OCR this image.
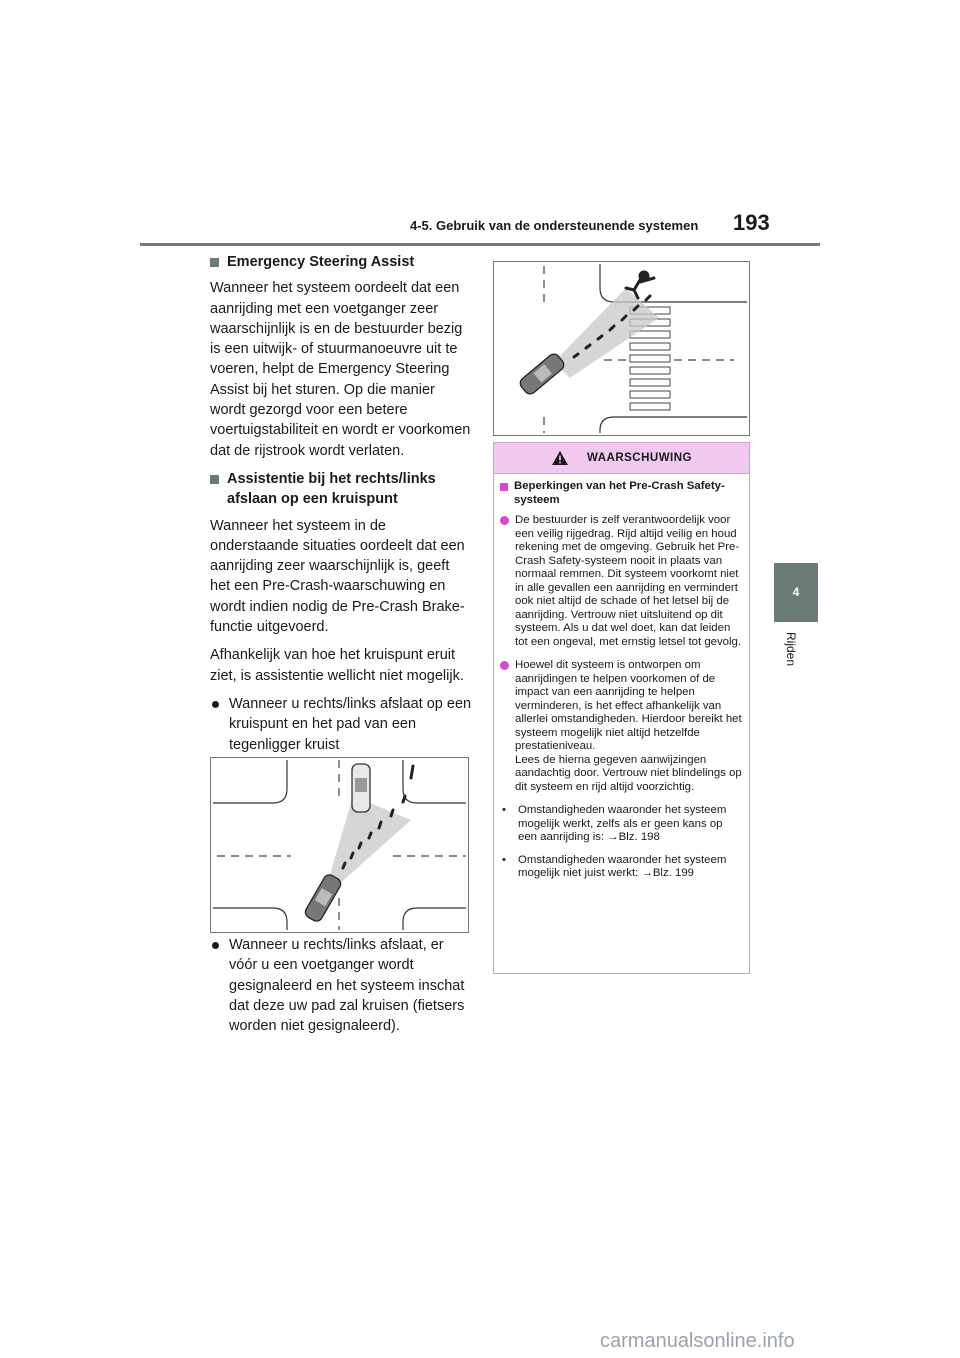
4-5. Gebruik van de ondersteunende systemen 193
4
Rijden
Emergency Steering Assist

Wanneer het systeem oordeelt dat een aanrijding met een voetganger zeer waarschijnlijk is en de bestuurder bezig is een uitwijk- of stuurmanoeuvre uit te voeren, helpt de Emergency Steering Assist bij het sturen. Op die manier wordt gezorgd voor een betere voertuigstabiliteit en wordt er voorkomen dat de rijstrook wordt verlaten.

Assistentie bij het rechts/links afslaan op een kruispunt

Wanneer het systeem in de onderstaande situaties oordeelt dat een aanrijding zeer waarschijnlijk is, geeft het een Pre-Crash-waarschuwing en wordt indien nodig de Pre-Crash Brake-functie uitgevoerd.

Afhankelijk van hoe het kruispunt eruit ziet, is assistentie wellicht niet mogelijk.

Wanneer u rechts/links afslaat op een kruispunt en het pad van een tegenligger kruist
Wanneer u rechts/links afslaat, er vóór u een voetganger wordt gesignaleerd en het systeem inschat dat deze uw pad zal kruisen (fietsers worden niet gesignaleerd).
WAARSCHUWING
Beperkingen van het Pre-Crash Safety-systeem
De bestuurder is zelf verantwoordelijk voor een veilig rijgedrag. Rijd altijd veilig en houd rekening met de omgeving. Gebruik het Pre-Crash Safety-systeem nooit in plaats van normaal remmen. Dit systeem voorkomt niet in alle gevallen een aanrijding en vermindert ook niet altijd de schade of het letsel bij de aanrijding. Vertrouw niet uitsluitend op dit systeem. Als u dat wel doet, kan dat leiden tot een ongeval, met ernstig letsel tot gevolg.
Hoewel dit systeem is ontworpen om aanrijdingen te helpen voorkomen of de impact van een aanrijding te helpen verminderen, is het effect afhankelijk van allerlei omstandigheden. Hierdoor bereikt het systeem mogelijk niet altijd hetzelfde prestatieniveau.
Lees de hierna gegeven aanwijzingen aandachtig door. Vertrouw niet blindelings op dit systeem en rijd altijd voorzichtig.
•	Omstandigheden waaronder het systeem mogelijk werkt, zelfs als er geen kans op een aanrijding is: →Blz. 198
•	Omstandigheden waaronder het systeem mogelijk niet juist werkt: →Blz. 199
carmanualsonline.info
